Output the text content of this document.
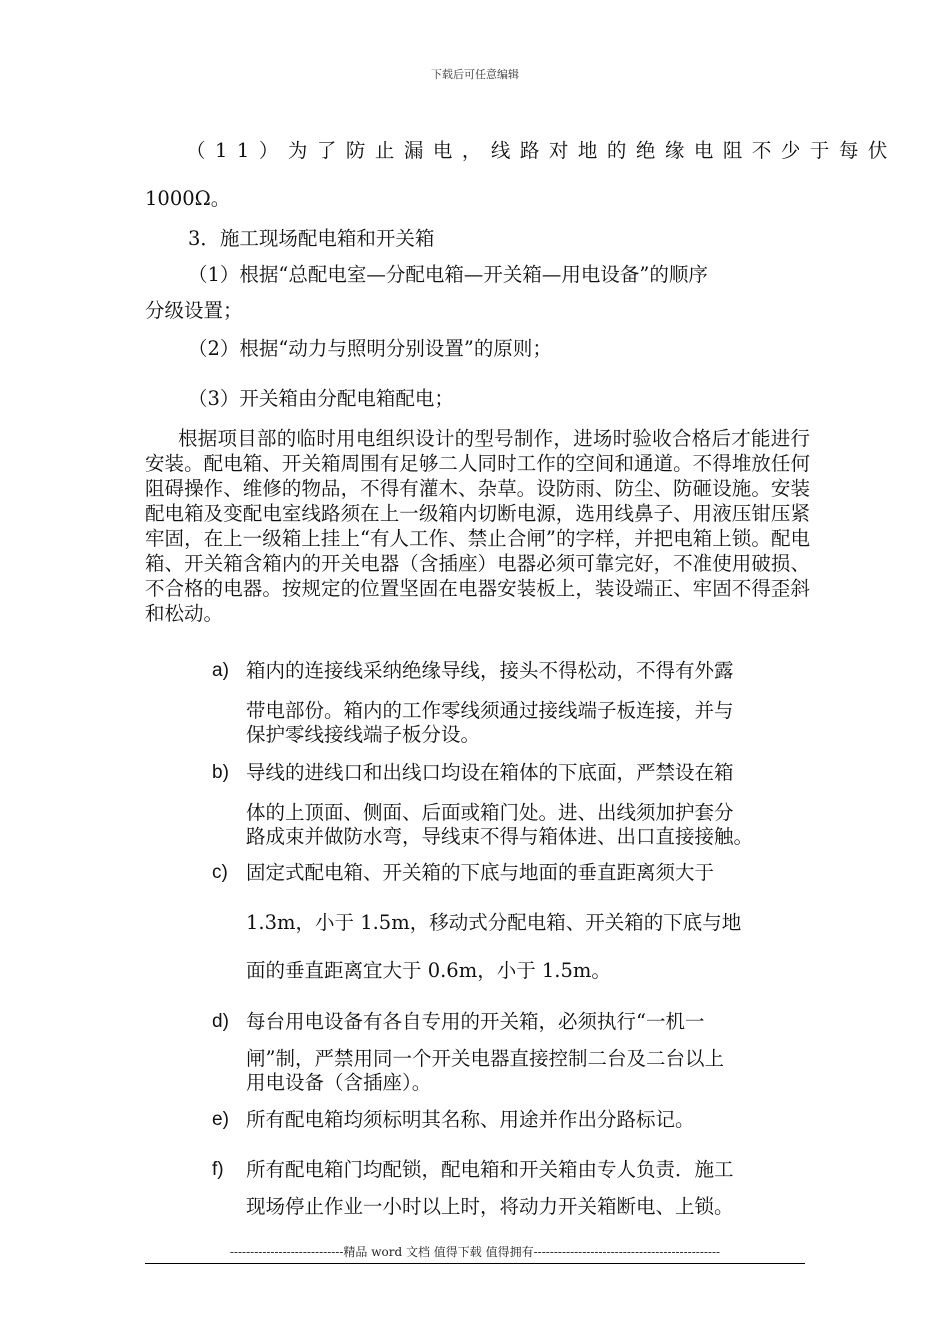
下载后可任意编辑
（11）为了防止漏电，线路对地的绝缘电阻不少于每伏
1000Ω。
3．施工现场配电箱和开关箱
（1）根据“总配电室—分配电箱—开关箱—用电设备”的顺序
分级设置；
（2）根据“动力与照明分别设置”的原则；
（3）开关箱由分配电箱配电；
根据项目部的临时用电组织设计的型号制作，进场时验收合格后才能进行安装。配电箱、开关箱周围有足够二人同时工作的空间和通道。不得堆放任何阻碍操作、维修的物品，不得有灌木、杂草。设防雨、防尘、防砸设施。安装配电箱及变配电室线路须在上一级箱内切断电源，选用线鼻子、用液压钳压紧牢固，在上一级箱上挂上“有人工作、禁止合闸”的字样，并把电箱上锁。配电箱、开关箱含箱内的开关电器（含插座）电器必须可靠完好，不准使用破损、不合格的电器。按规定的位置坚固在电器安装板上，装设端正、牢固不得歪斜和松动。
a) 箱内的连接线采纳绝缘导线，接头不得松动，不得有外露
带电部份。箱内的工作零线须通过接线端子板连接，并与
保护零线接线端子板分设。
b) 导线的进线口和出线口均设在箱体的下底面，严禁设在箱
体的上顶面、侧面、后面或箱门处。进、出线须加护套分
路成束并做防水弯，导线束不得与箱体进、出口直接接触。
c) 固定式配电箱、开关箱的下底与地面的垂直距离须大于
1.3m，小于 1.5m，移动式分配电箱、开关箱的下底与地
面的垂直距离宜大于 0.6m，小于 1.5m。
d) 每台用电设备有各自专用的开关箱，必须执行“一机一
闸”制，严禁用同一个开关电器直接控制二台及二台以上
用电设备（含插座）。
e) 所有配电箱均须标明其名称、用途并作出分路标记。
f) 所有配电箱门均配锁，配电箱和开关箱由专人负责．施工
现场停止作业一小时以上时，将动力开关箱断电、上锁。
----------------------------精品 word 文档 值得下载 值得拥有----------------------------------------------
